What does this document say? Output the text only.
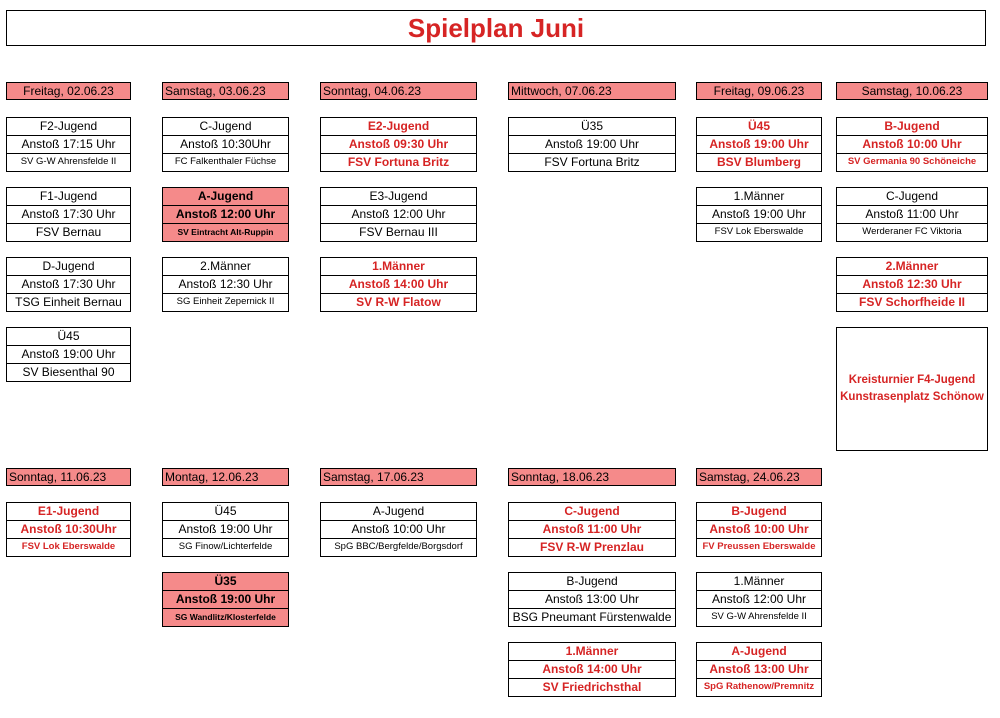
Spielplan Juni
Freitag, 02.06.23	Samstag, 03.06.23	Sonntag, 04.06.23	Mittwoch, 07.06.23	Freitag, 09.06.23	Samstag, 10.06.23
Sonntag, 11.06.23	Montag, 12.06.23	Samstag, 17.06.23	Sonntag, 18.06.23	Samstag, 24.06.23
F2-Jugend
Anstoß 17:15 Uhr
SV G-W Ahrensfelde II
F1-Jugend
Anstoß 17:30 Uhr
FSV Bernau
D-Jugend
Anstoß 17:30 Uhr
TSG Einheit Bernau
Ü45
Anstoß 19:00 Uhr
SV Biesenthal 90
C-Jugend
Anstoß 10:30Uhr
FC Falkenthaler Füchse
A-Jugend
Anstoß 12:00 Uhr
SV Eintracht Alt-Ruppin
2.Männer
Anstoß 12:30 Uhr
SG Einheit Zepernick II
E2-Jugend
Anstoß 09:30 Uhr
FSV Fortuna Britz
E3-Jugend
Anstoß 12:00 Uhr
FSV Bernau III
1.Männer
Anstoß 14:00 Uhr
SV R-W Flatow
Ü35
Anstoß 19:00 Uhr
FSV Fortuna Britz
Ü45
Anstoß 19:00 Uhr
BSV Blumberg
1.Männer
Anstoß 19:00 Uhr
FSV Lok Eberswalde
B-Jugend
Anstoß 10:00 Uhr
SV Germania 90 Schöneiche
C-Jugend
Anstoß 11:00 Uhr
Werderaner FC Viktoria
2.Männer
Anstoß 12:30 Uhr
FSV Schorfheide II
Kreisturnier F4-Jugend
Kunstrasenplatz Schönow
E1-Jugend
Anstoß 10:30Uhr
FSV Lok Eberswalde
Ü45
Anstoß 19:00 Uhr
SG Finow/Lichterfelde
Ü35
Anstoß 19:00 Uhr
SG Wandlitz/Klosterfelde
A-Jugend
Anstoß 10:00 Uhr
SpG BBC/Bergfelde/Borgsdorf
C-Jugend
Anstoß 11:00 Uhr
FSV R-W Prenzlau
B-Jugend
Anstoß 13:00 Uhr
BSG Pneumant Fürstenwalde
1.Männer
Anstoß 14:00 Uhr
SV Friedrichsthal
B-Jugend
Anstoß 10:00 Uhr
FV Preussen Eberswalde
1.Männer
Anstoß 12:00 Uhr
SV G-W Ahrensfelde II
A-Jugend
Anstoß 13:00 Uhr
SpG Rathenow/Premnitz
